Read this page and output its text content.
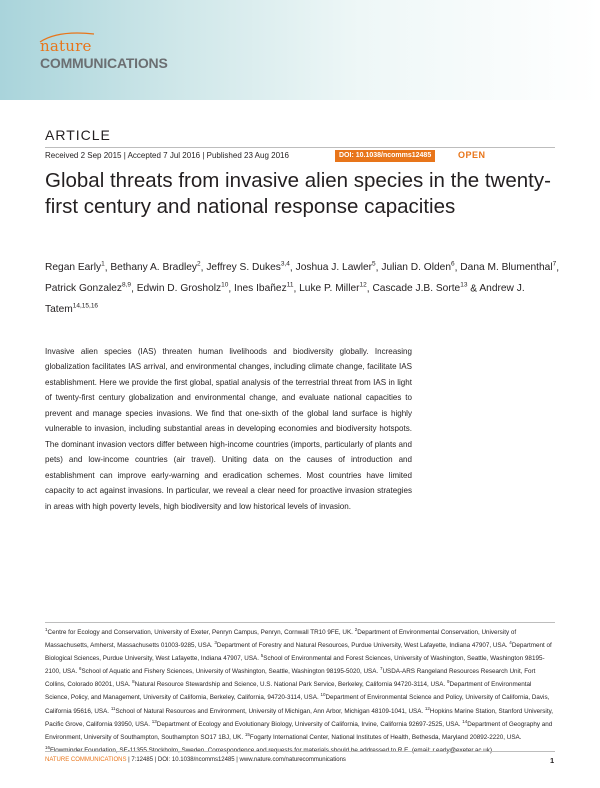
nature
COMMUNICATIONS
ARTICLE
Received 2 Sep 2015 | Accepted 7 Jul 2016 | Published 23 Aug 2016	DOI: 10.1038/ncomms12485	OPEN
Global threats from invasive alien species in the twenty-first century and national response capacities

Regan Early$^1$, Bethany A. Bradley$^2$, Jeffrey S. Dukes$^{3,4}$, Joshua J. Lawler$^5$, Julian D. Olden$^6$, Dana M. Blumenthal$^7$, Patrick Gonzalez$^{8,9}$, Edwin D. Grosholz$^{10}$, Ines Ibañez$^{11}$, Luke P. Miller$^{12}$, Cascade J.B. Sorte$^{13}$ & Andrew J. Tatem$^{14,15,16}$

Invasive alien species (IAS) threaten human livelihoods and biodiversity globally. Increasing globalization facilitates IAS arrival, and environmental changes, including climate change, facilitate IAS establishment. Here we provide the first global, spatial analysis of the terrestrial threat from IAS in light of twenty-first century globalization and environmental change, and evaluate national capacities to prevent and manage species invasions. We find that one-sixth of the global land surface is highly vulnerable to invasion, including substantial areas in developing economies and biodiversity hotspots. The dominant invasion vectors differ between high-income countries (imports, particularly of plants and pets) and low-income countries (air travel). Uniting data on the causes of introduction and establishment can improve early-warning and eradication schemes. Most countries have limited capacity to act against invasions. In particular, we reveal a clear need for proactive invasion strategies in areas with high poverty levels, high biodiversity and low historical levels of invasion.

$^1$Centre for Ecology and Conservation, University of Exeter, Penryn Campus, Penryn, Cornwall TR10 9FE, UK. $^2$Department of Environmental Conservation, University of Massachusetts, Amherst, Massachusetts 01003-9285, USA. $^3$Department of Forestry and Natural Resources, Purdue University, West Lafayette, Indiana 47907, USA. $^4$Department of Biological Sciences, Purdue University, West Lafayette, Indiana 47907, USA. $^5$School of Environmental and Forest Sciences, University of Washington, Seattle, Washington 98195-2100, USA. $^6$School of Aquatic and Fishery Sciences, University of Washington, Seattle, Washington 98195-5020, USA. $^7$USDA-ARS Rangeland Resources Research Unit, Fort Collins, Colorado 80201, USA. $^8$Natural Resource Stewardship and Science, U.S. National Park Service, Berkeley, California 94720-3114, USA. $^9$Department of Environmental Science, Policy, and Management, University of California, Berkeley, California, 94720-3114, USA. $^{10}$Department of Environmental Science and Policy, University of California, Davis, California 95616, USA. $^{11}$School of Natural Resources and Environment, University of Michigan, Ann Arbor, Michigan 48109-1041, USA. $^{12}$Hopkins Marine Station, Stanford University, Pacific Grove, California 93950, USA. $^{13}$Department of Ecology and Evolutionary Biology, University of California, Irvine, California 92697-2525, USA. $^{14}$Department of Geography and Environment, University of Southampton, Southampton SO17 1BJ, UK. $^{15}$Fogarty International Center, National Institutes of Health, Bethesda, Maryland 20892-2220, USA. $^{16}$

NATURE COMMUNICATIONS | 7:12485 | DOI: 10.1038/ncomms12485 | www.nature.com/naturecommunications	1
